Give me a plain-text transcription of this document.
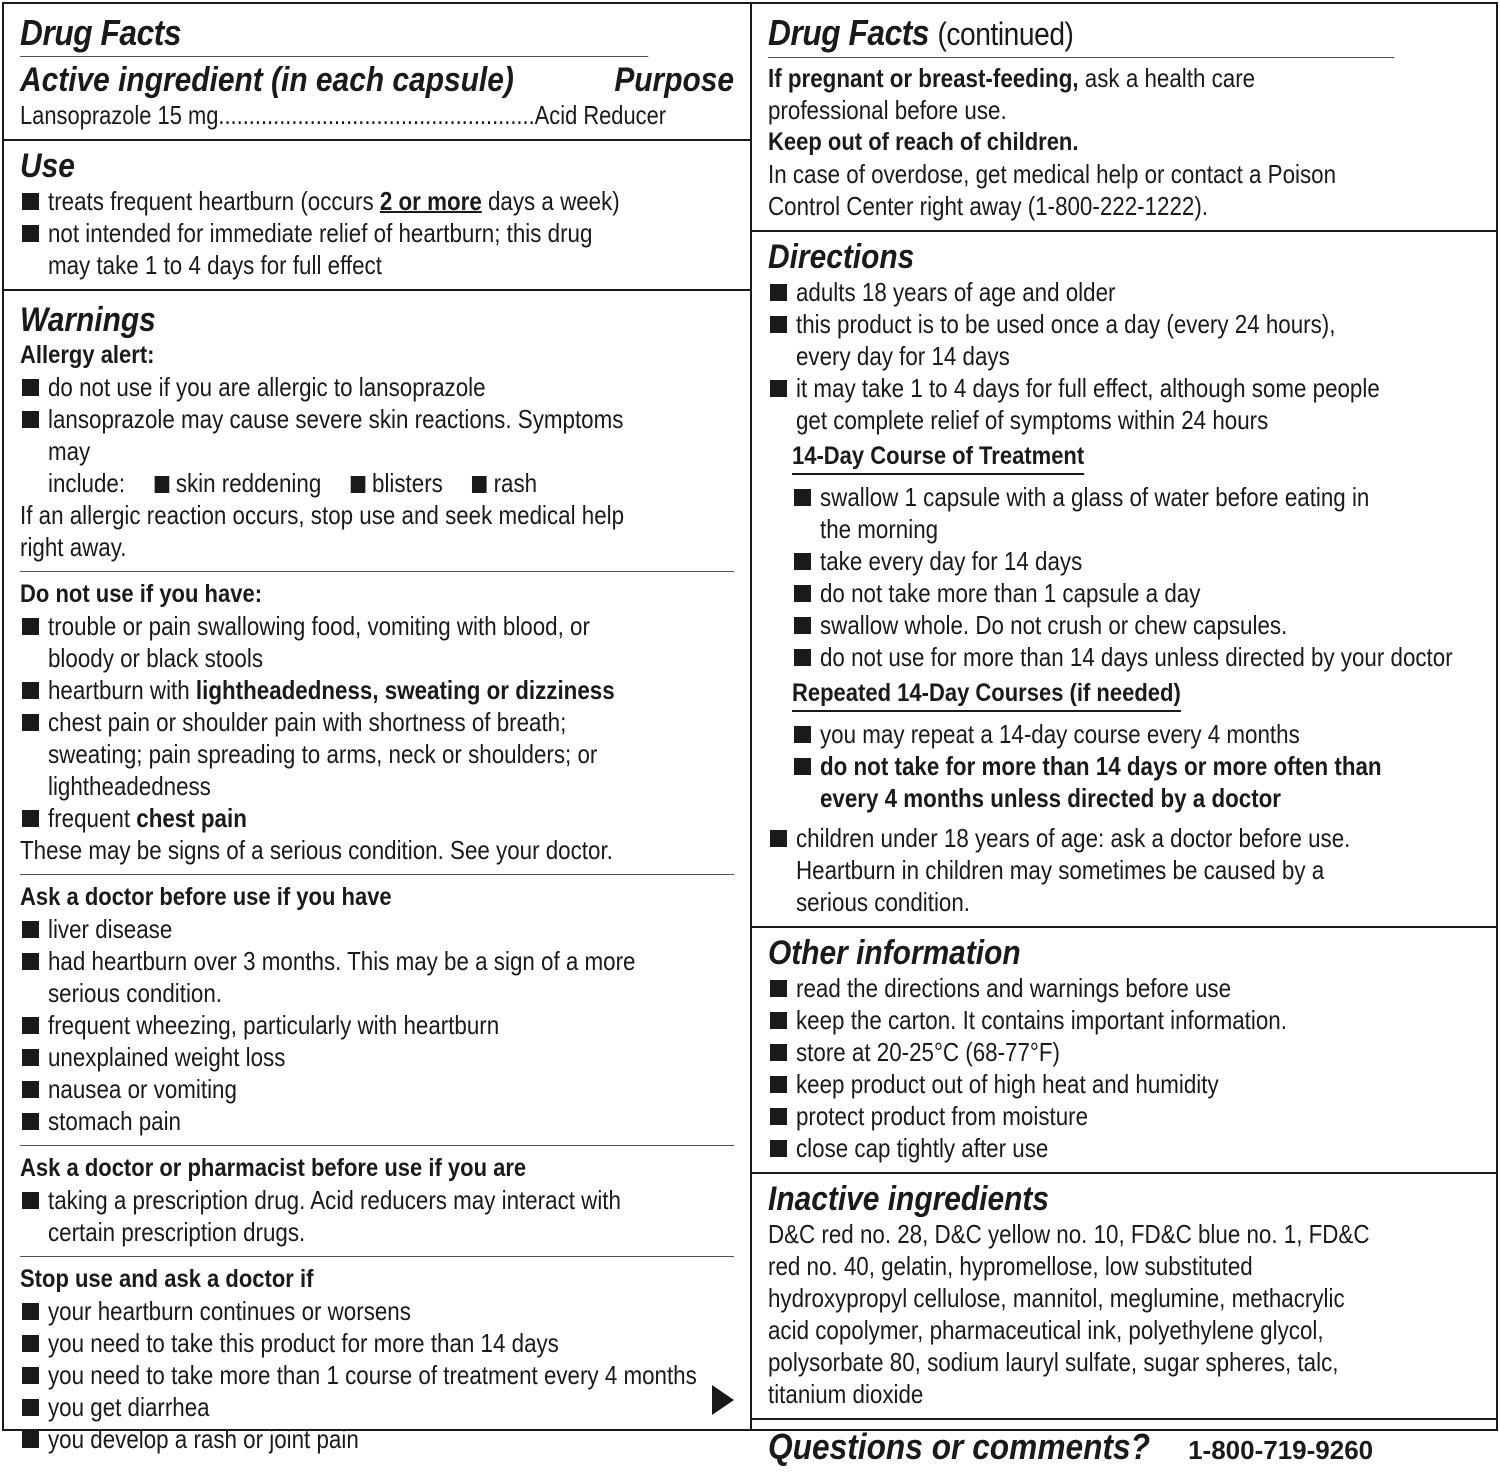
Drug Facts
Active ingredient (in each capsule)	Purpose
Lansoprazole 15 mg....................................................Acid Reducer
Use
treats frequent heartburn (occurs 2 or more days a week)
not intended for immediate relief of heartburn; this drug may take 1 to 4 days for full effect
Warnings
Allergy alert:
do not use if you are allergic to lansoprazole
lansoprazole may cause severe skin reactions. Symptoms may
include: skin reddening blisters rash
If an allergic reaction occurs, stop use and seek medical help right away.
Do not use if you have:
trouble or pain swallowing food, vomiting with blood, or bloody or black stools
heartburn with lightheadedness, sweating or dizziness
chest pain or shoulder pain with shortness of breath; sweating; pain spreading to arms, neck or shoulders; or lightheadedness
frequent chest pain
These may be signs of a serious condition. See your doctor.
Ask a doctor before use if you have
liver disease
had heartburn over 3 months. This may be a sign of a more serious condition.
frequent wheezing, particularly with heartburn
unexplained weight loss
nausea or vomiting
stomach pain
Ask a doctor or pharmacist before use if you are
taking a prescription drug. Acid reducers may interact with certain prescription drugs.
Stop use and ask a doctor if
your heartburn continues or worsens
you need to take this product for more than 14 days
you need to take more than 1 course of treatment every 4 months
you get diarrhea
you develop a rash or joint pain
Drug Facts (continued)
If pregnant or breast-feeding, ask a health care professional before use.
Keep out of reach of children.
In case of overdose, get medical help or contact a Poison Control Center right away (1-800-222-1222).
Directions
adults 18 years of age and older
this product is to be used once a day (every 24 hours), every day for 14 days
it may take 1 to 4 days for full effect, although some people get complete relief of symptoms within 24 hours
14-Day Course of Treatment
swallow 1 capsule with a glass of water before eating in the morning
take every day for 14 days
do not take more than 1 capsule a day
swallow whole. Do not crush or chew capsules.
do not use for more than 14 days unless directed by your doctor
Repeated 14-Day Courses (if needed)
you may repeat a 14-day course every 4 months
do not take for more than 14 days or more often than every 4 months unless directed by a doctor
children under 18 years of age: ask a doctor before use. Heartburn in children may sometimes be caused by a serious condition.
Other information
read the directions and warnings before use
keep the carton. It contains important information.
store at 20-25°C (68-77°F)
keep product out of high heat and humidity
protect product from moisture
close cap tightly after use
Inactive ingredients
D&C red no. 28, D&C yellow no. 10, FD&C blue no. 1, FD&C red no. 40, gelatin, hypromellose, low substituted hydroxypropyl cellulose, mannitol, meglumine, methacrylic acid copolymer, pharmaceutical ink, polyethylene glycol, polysorbate 80, sodium lauryl sulfate, sugar spheres, talc, titanium dioxide
Questions or comments? 1-800-719-9260
